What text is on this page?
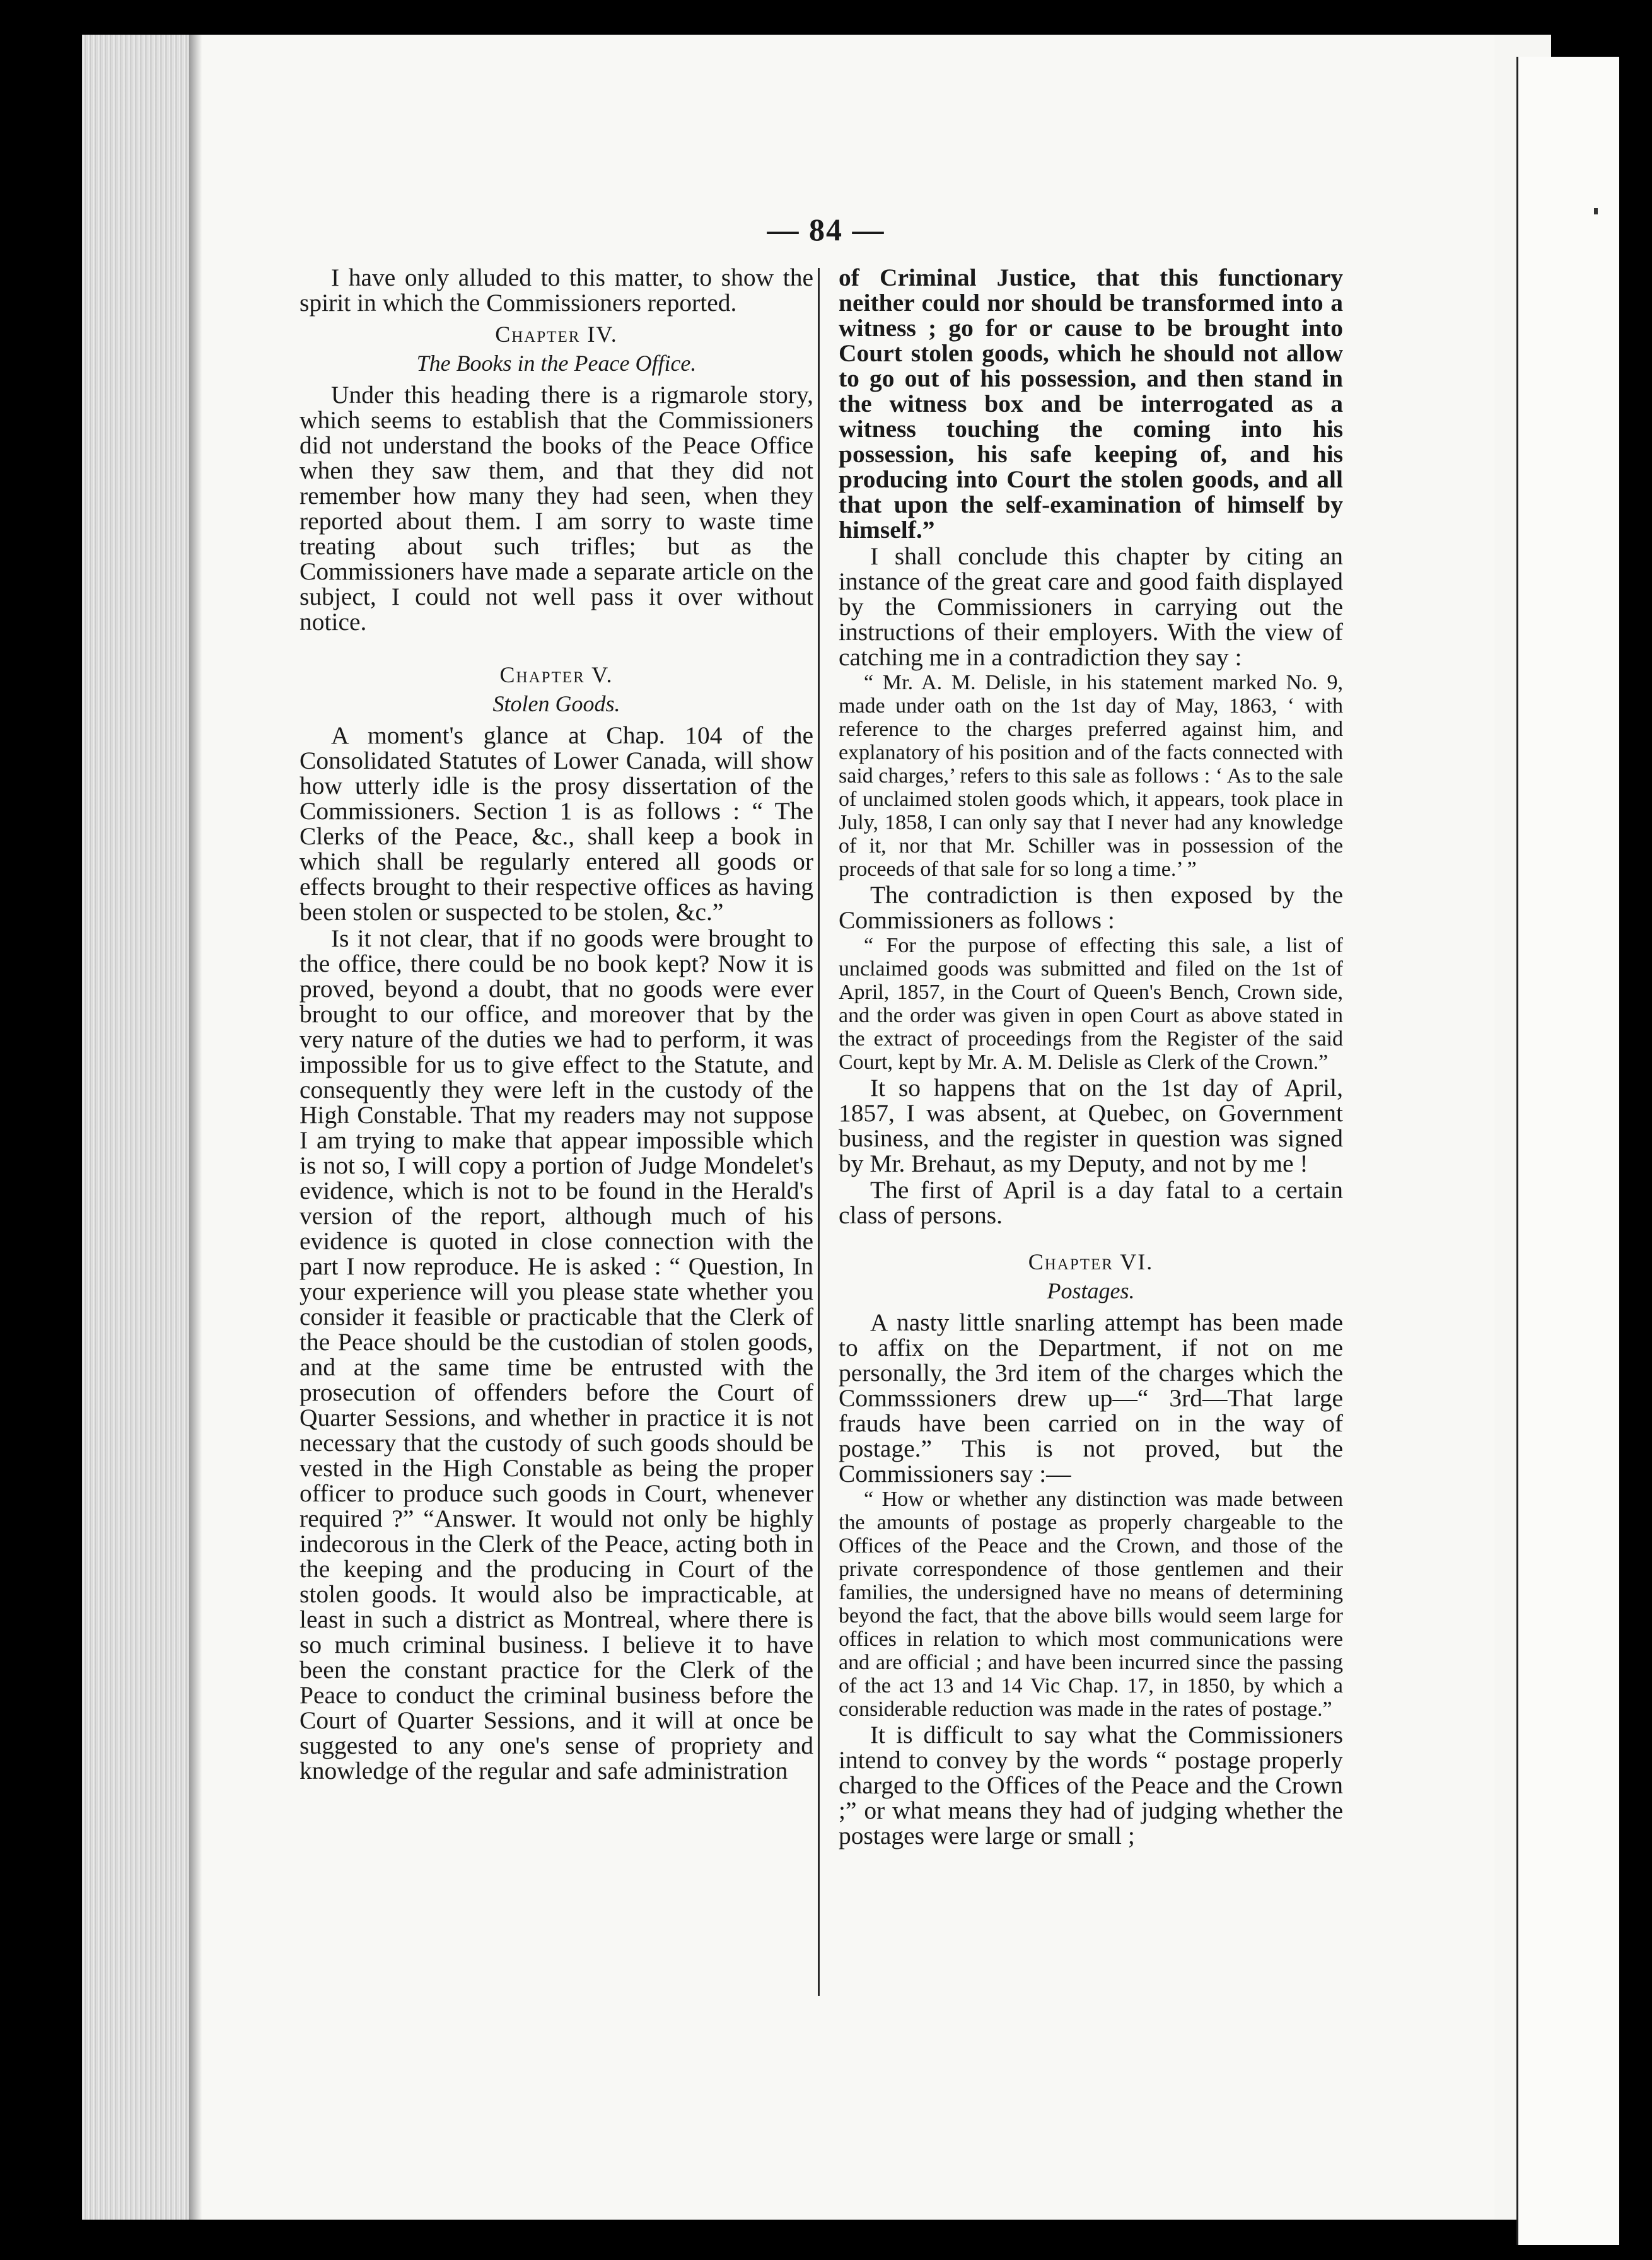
— 84 —

I have only alluded to this matter, to show the spirit in which the Commissioners reported.

Chapter IV.
The Books in the Peace Office.

Under this heading there is a rigmarole story, which seems to establish that the Commissioners did not understand the books of the Peace Office when they saw them, and that they did not remember how many they had seen, when they reported about them. I am sorry to waste time treating about such trifles; but as the Commissioners have made a separate article on the subject, I could not well pass it over without notice.

Chapter V.
Stolen Goods.

A moment's glance at Chap. 104 of the Consolidated Statutes of Lower Canada, will show how utterly idle is the prosy dissertation of the Commissioners. Section 1 is as follows : “ The Clerks of the Peace, &c., shall keep a book in which shall be regularly entered all goods or effects brought to their respective offices as having been stolen or suspected to be stolen, &c.”

Is it not clear, that if no goods were brought to the office, there could be no book kept? Now it is proved, beyond a doubt, that no goods were ever brought to our office, and moreover that by the very nature of the duties we had to perform, it was impossible for us to give effect to the Statute, and consequently they were left in the custody of the High Constable. That my readers may not suppose I am trying to make that appear impossible which is not so, I will copy a portion of Judge Mondelet's evidence, which is not to be found in the Herald's version of the report, although much of his evidence is quoted in close connection with the part I now reproduce. He is asked : “ Question, In your experience will you please state whether you consider it feasible or practicable that the Clerk of the Peace should be the custodian of stolen goods, and at the same time be entrusted with the prosecution of offenders before the Court of Quarter Sessions, and whether in practice it is not necessary that the custody of such goods should be vested in the High Constable as being the proper officer to produce such goods in Court, whenever required ?” “Answer. It would not only be highly indecorous in the Clerk of the Peace, acting both in the keeping and the producing in Court of the stolen goods. It would also be impracticable, at least in such a district as Montreal, where there is so much criminal business. I believe it to have been the constant practice for the Clerk of the Peace to conduct the criminal business before the Court of Quarter Sessions, and it will at once be suggested to any one's sense of propriety and knowledge of the regular and safe administration

of Criminal Justice, that this functionary neither could nor should be transformed into a witness ; go for or cause to be brought into Court stolen goods, which he should not allow to go out of his possession, and then stand in the witness box and be interrogated as a witness touching the coming into his possession, his safe keeping of, and his producing into Court the stolen goods, and all that upon the self-examination of himself by himself.”

I shall conclude this chapter by citing an instance of the great care and good faith displayed by the Commissioners in carrying out the instructions of their employers. With the view of catching me in a contradiction they say :

“ Mr. A. M. Delisle, in his statement marked No. 9, made under oath on the 1st day of May, 1863, ‘ with reference to the charges preferred against him, and explanatory of his position and of the facts connected with said charges,’ refers to this sale as follows : ‘ As to the sale of unclaimed stolen goods which, it appears, took place in July, 1858, I can only say that I never had any knowledge of it, nor that Mr. Schiller was in possession of the proceeds of that sale for so long a time.’ ”

The contradiction is then exposed by the Commissioners as follows :

“ For the purpose of effecting this sale, a list of unclaimed goods was submitted and filed on the 1st of April, 1857, in the Court of Queen's Bench, Crown side, and the order was given in open Court as above stated in the extract of proceedings from the Register of the said Court, kept by Mr. A. M. Delisle as Clerk of the Crown.”

It so happens that on the 1st day of April, 1857, I was absent, at Quebec, on Government business, and the register in question was signed by Mr. Brehaut, as my Deputy, and not by me !

The first of April is a day fatal to a certain class of persons.

Chapter VI.
Postages.

A nasty little snarling attempt has been made to affix on the Department, if not on me personally, the 3rd item of the charges which the Commsssioners drew up—“ 3rd—That large frauds have been carried on in the way of postage.” This is not proved, but the Commissioners say :—

“ How or whether any distinction was made between the amounts of postage as properly chargeable to the Offices of the Peace and the Crown, and those of the private correspondence of those gentlemen and their families, the undersigned have no means of determining beyond the fact, that the above bills would seem large for offices in relation to which most communications were and are official ; and have been incurred since the passing of the act 13 and 14 Vic Chap. 17, in 1850, by which a considerable reduction was made in the rates of postage.”

It is difficult to say what the Commissioners intend to convey by the words “ postage properly charged to the Offices of the Peace and the Crown ;” or what means they had of judging whether the postages were large or small ;
